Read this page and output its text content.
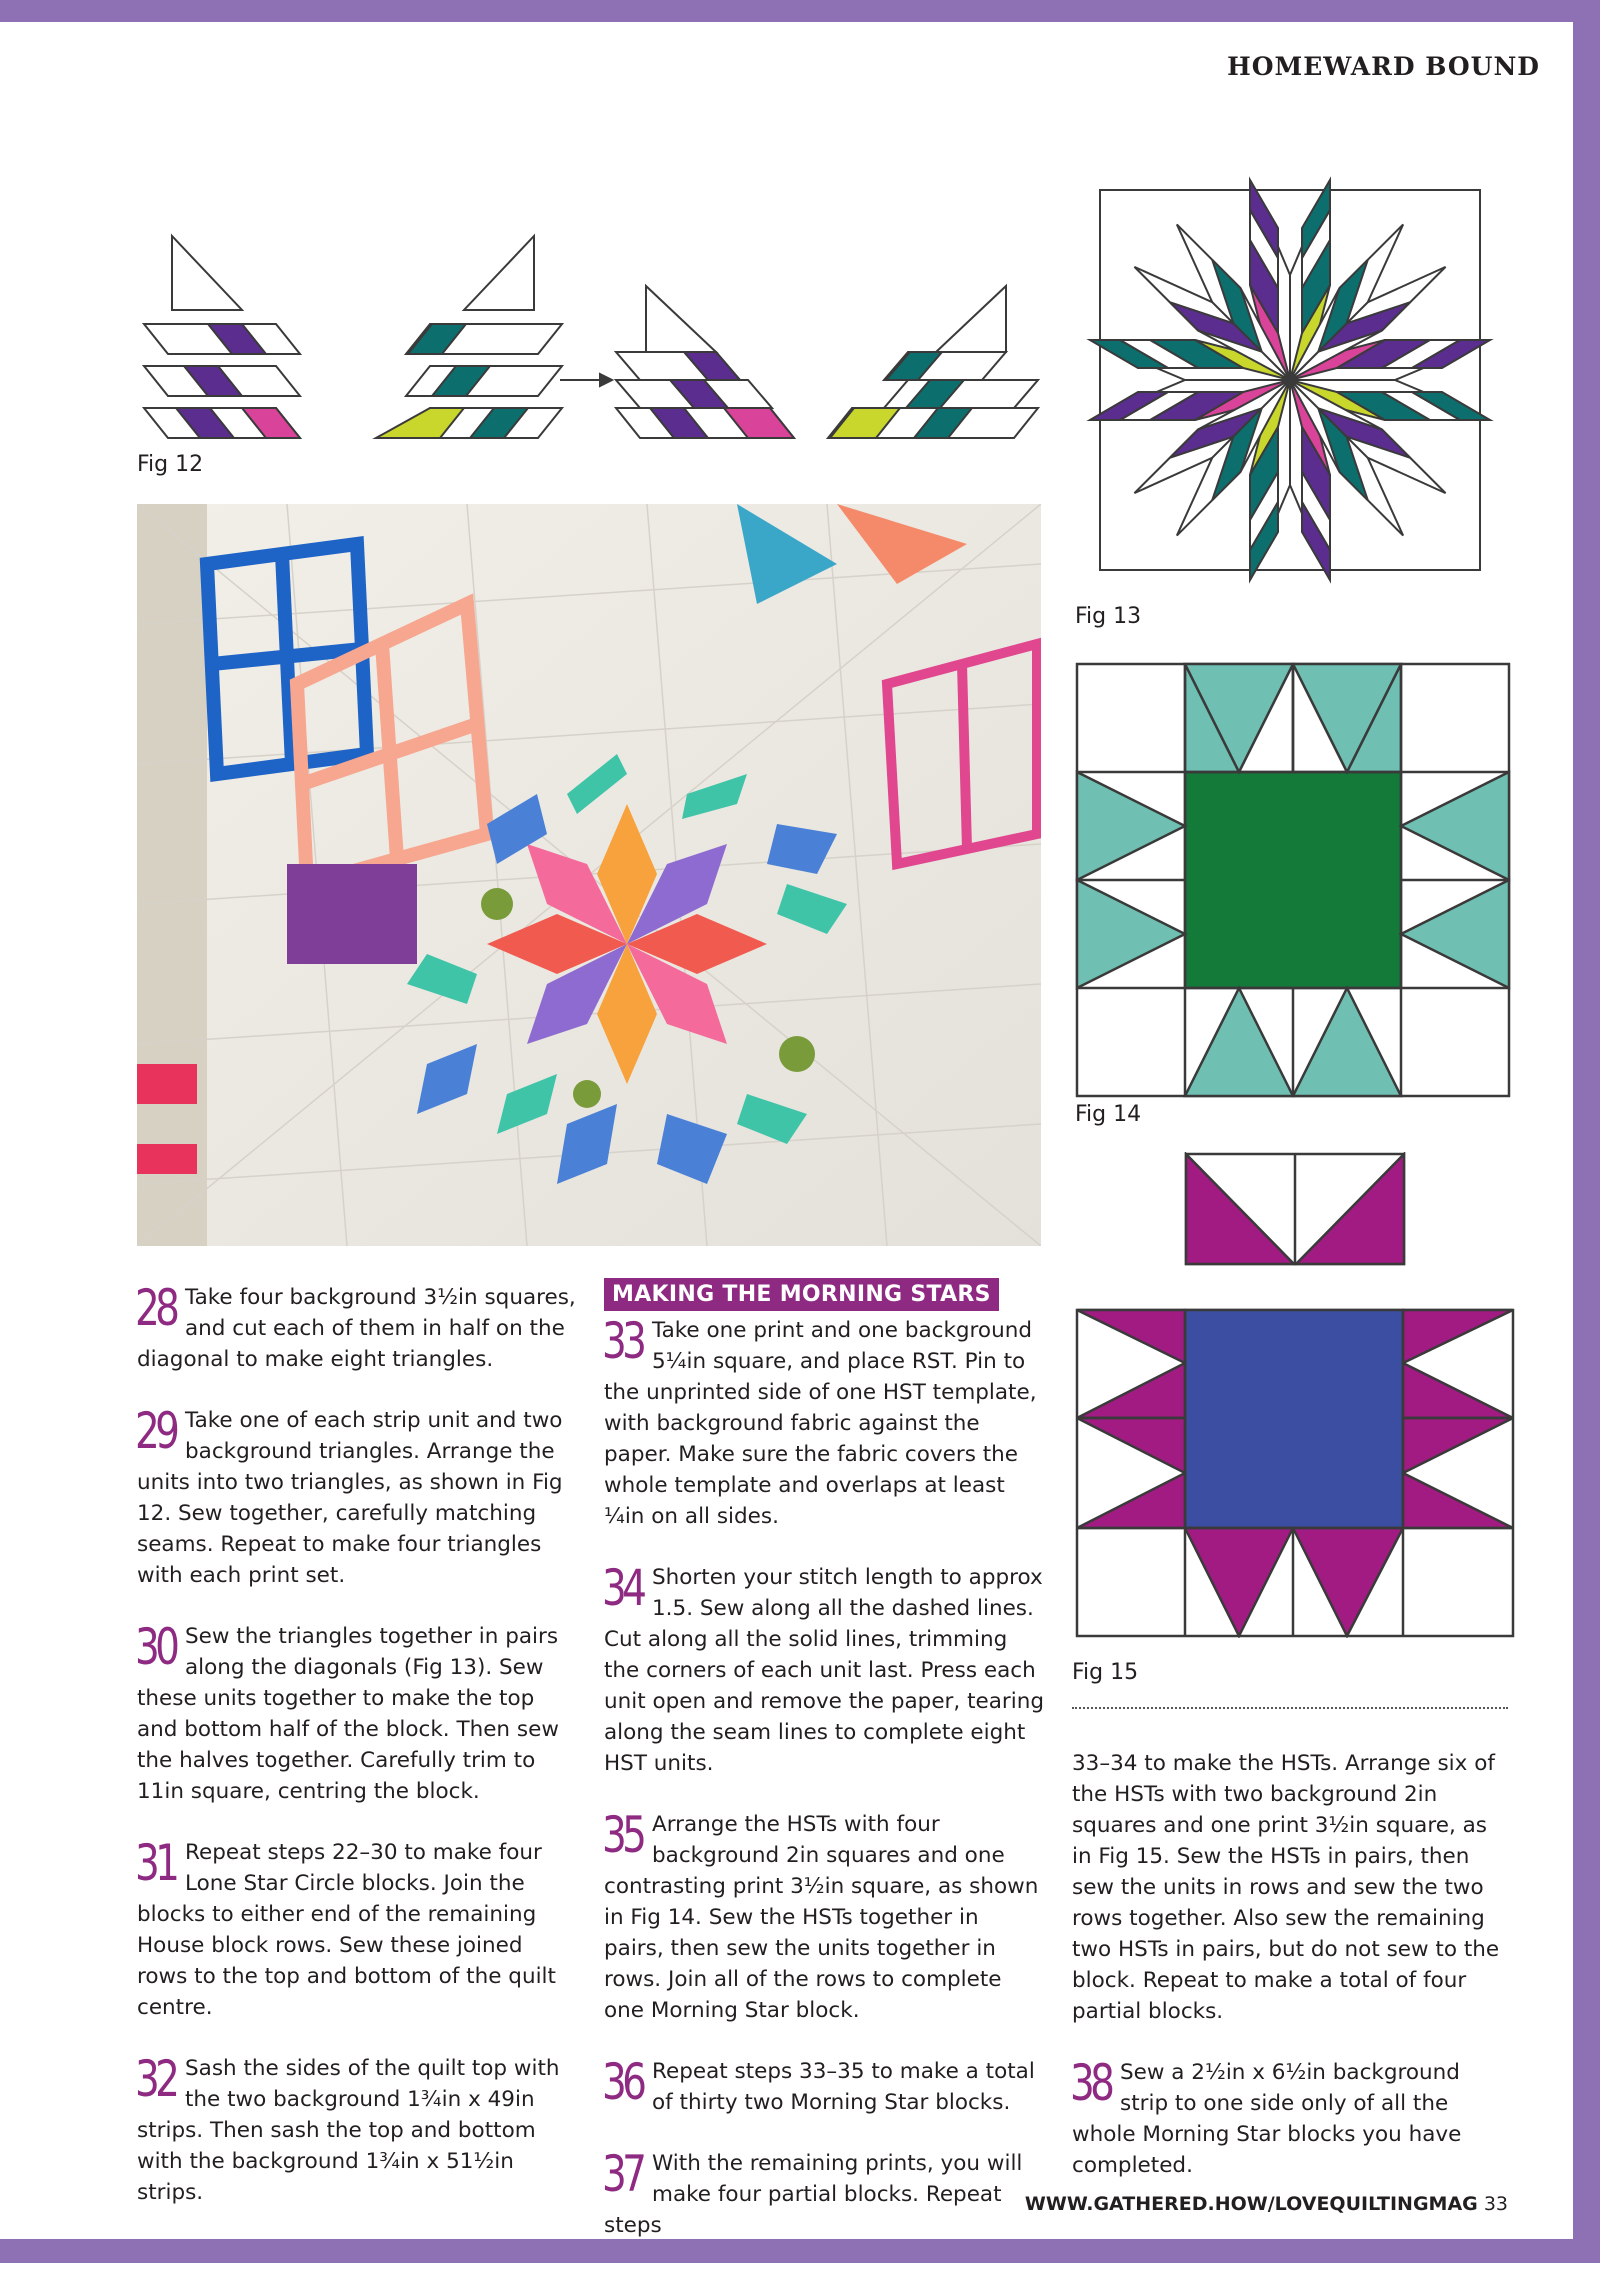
HOMEWARD BOUND
Fig 12
Fig 13
Fig 14
Fig 15
28 Take four background 3½in squares, and cut each of them in half on the diagonal to make eight triangles.

29 Take one of each strip unit and two background triangles. Arrange the units into two triangles, as shown in Fig 12. Sew together, carefully matching seams. Repeat to make four triangles with each print set.

30 Sew the triangles together in pairs along the diagonals (Fig 13). Sew these units together to make the top and bottom half of the block. Then sew the halves together. Carefully trim to 11in square, centring the block.

31 Repeat steps 22–30 to make four Lone Star Circle blocks. Join the blocks to either end of the remaining House block rows. Sew these joined rows to the top and bottom of the quilt centre.

32 Sash the sides of the quilt top with the two background 1¾in x 49in strips. Then sash the top and bottom with the background 1¾in x 51½in strips.

MAKING THE MORNING STARS
33 Take one print and one background 5¼in square, and place RST. Pin to the unprinted side of one HST template, with background fabric against the paper. Make sure the fabric covers the whole template and overlaps at least ¼in on all sides.

34 Shorten your stitch length to approx 1.5. Sew along all the dashed lines. Cut along all the solid lines, trimming the corners of each unit last. Press each unit open and remove the paper, tearing along the seam lines to complete eight HST units.

35 Arrange the HSTs with four background 2in squares and one contrasting print 3½in square, as shown in Fig 14. Sew the HSTs together in pairs, then sew the units together in rows. Join all of the rows to complete one Morning Star block.

36 Repeat steps 33–35 to make a total of thirty two Morning Star blocks.

37 With the remaining prints, you will make four partial blocks. Repeat steps

33–34 to make the HSTs. Arrange six of the HSTs with two background 2in squares and one print 3½in square, as in Fig 15. Sew the HSTs in pairs, then sew the units in rows and sew the two rows together. Also sew the remaining two HSTs in pairs, but do not sew to the block. Repeat to make a total of four partial blocks.

38 Sew a 2½in x 6½in background strip to one side only of all the whole Morning Star blocks you have completed.

WWW.GATHERED.HOW/LOVEQUILTINGMAG 33
